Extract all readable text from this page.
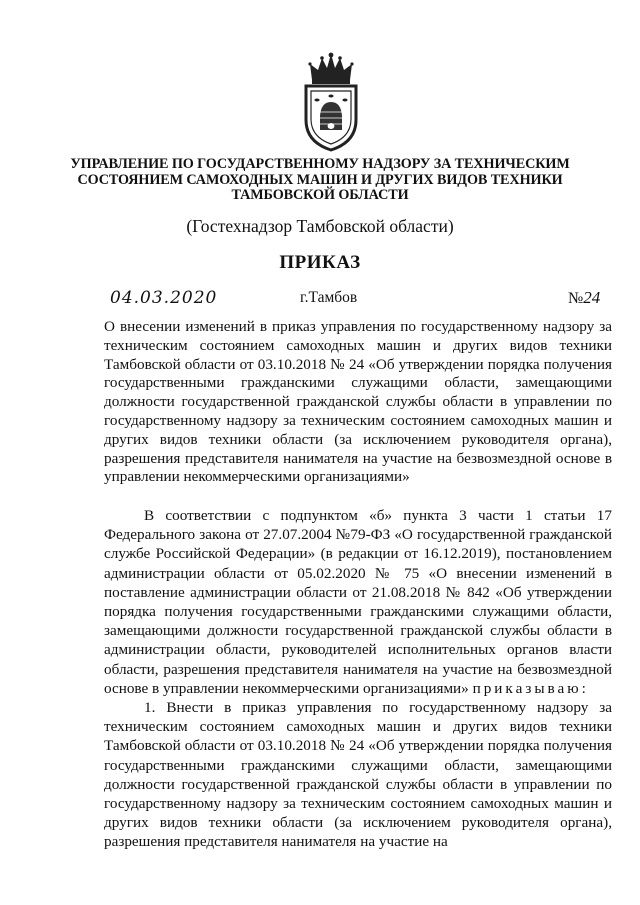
УПРАВЛЕНИЕ ПО ГОСУДАРСТВЕННОМУ НАДЗОРУ ЗА ТЕХНИЧЕСКИМ СОСТОЯНИЕМ САМОХОДНЫХ МАШИН И ДРУГИХ ВИДОВ ТЕХНИКИ ТАМБОВСКОЙ ОБЛАСТИ
(Гостехнадзор Тамбовской области)
ПРИКАЗ
04.03.2020	г.Тамбов	№24
О внесении изменений в приказ управления по государственному надзору за техническим состоянием самоходных машин и других видов техники Тамбовской области от 03.10.2018 № 24 «Об утверждении порядка получения государственными гражданскими служащими области, замещающими должности государственной гражданской службы области в управлении по государственному надзору за техническим состоянием самоходных машин и других видов техники области (за исключением руководителя органа), разрешения представителя нанимателя на участие на безвозмездной основе в управлении некоммерческими организациями»

В соответствии с подпунктом «б» пункта 3 части 1 статьи 17 Федерального закона от 27.07.2004 №79-ФЗ «О государственной гражданской службе Российской Федерации» (в редакции от 16.12.2019), постановлением администрации области от 05.02.2020 № 75 «О внесении изменений в поставление администрации области от 21.08.2018 № 842 «Об утверждении порядка получения государственными гражданскими служащими области, замещающими должности государственной гражданской службы области в администрации области, руководителей исполнительных органов власти области, разрешения представителя нанимателя на участие на безвозмездной основе в управлении некоммерческими организациями» приказываю:

1. Внести в приказ управления по государственному надзору за техническим состоянием самоходных машин и других видов техники Тамбовской области от 03.10.2018 № 24 «Об утверждении порядка получения государственными гражданскими служащими области, замещающими должности государственной гражданской службы области в управлении по государственному надзору за техническим состоянием самоходных машин и других видов техники области (за исключением руководителя органа), разрешения представителя нанимателя на участие на
